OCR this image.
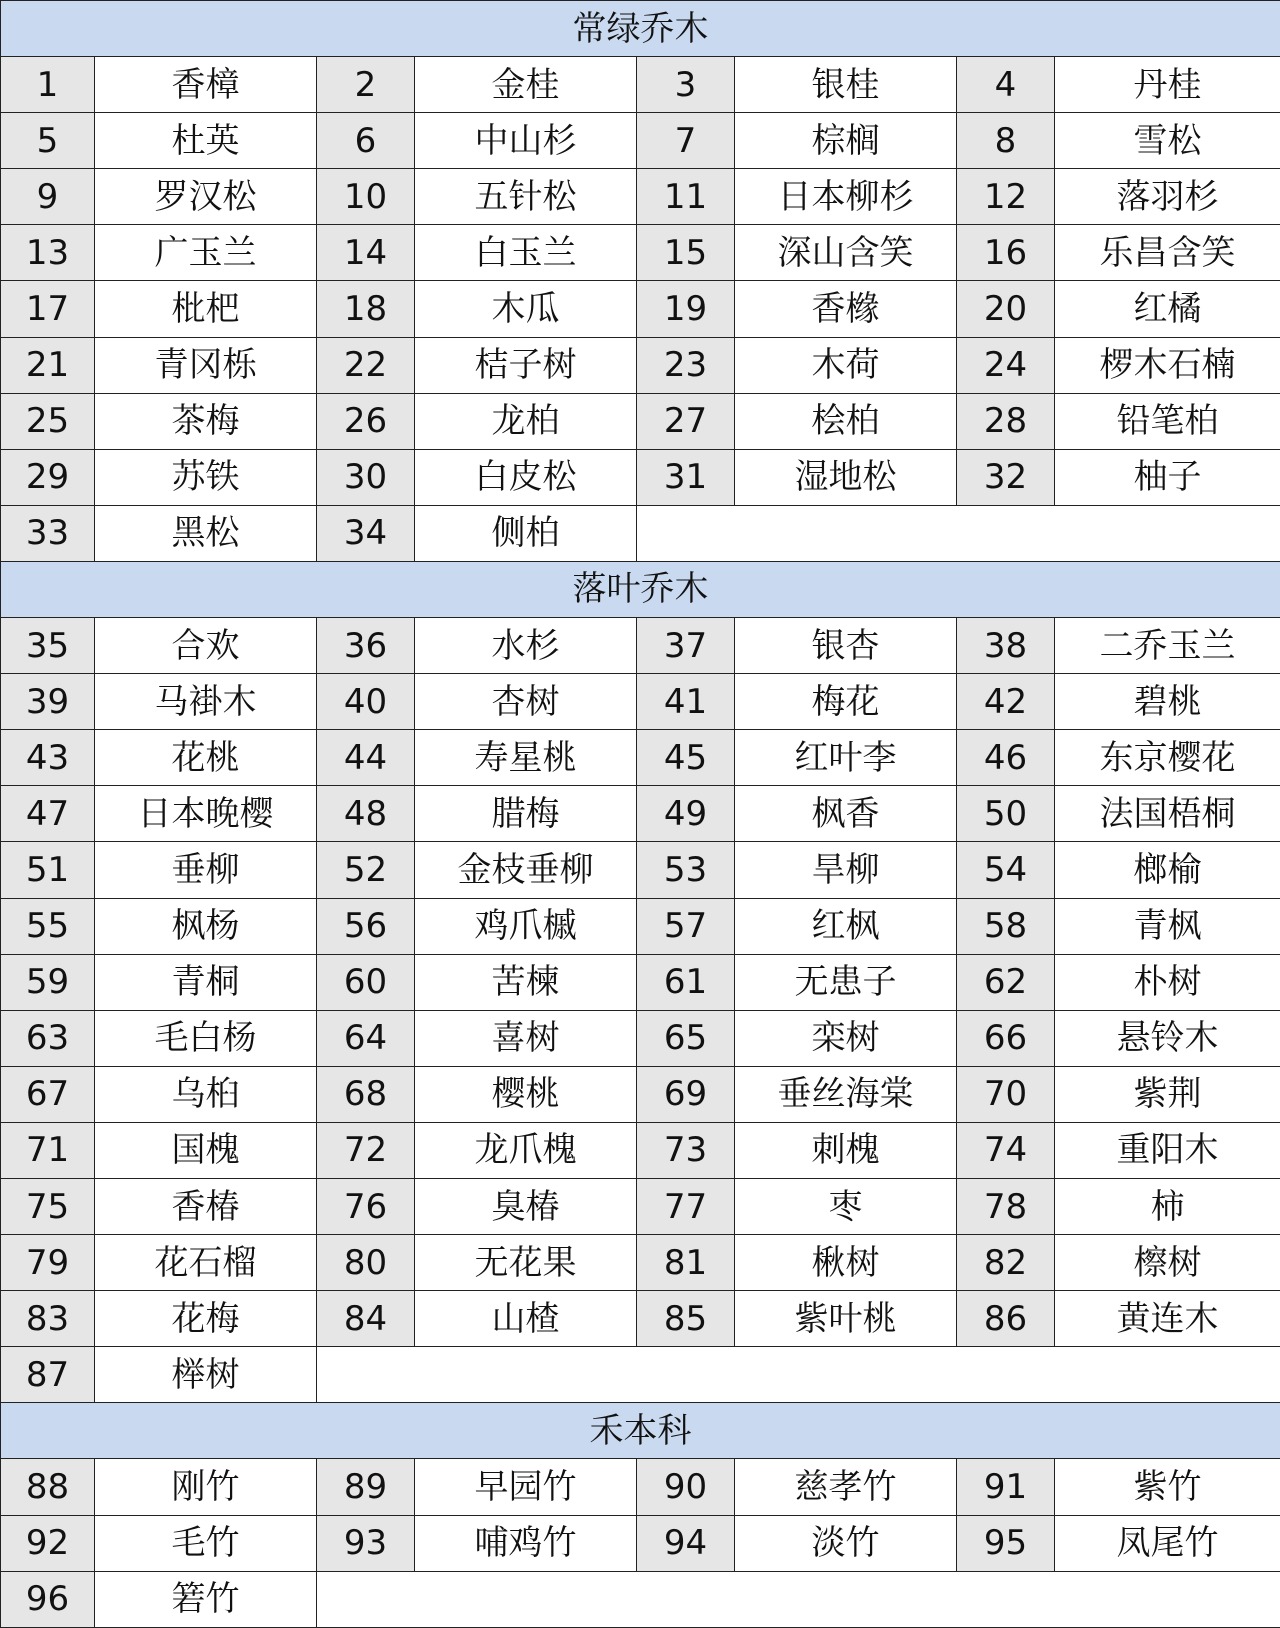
常绿乔木							
1	香樟	2	金桂	3	银桂	4	丹桂
5	杜英	6	中山杉	7	棕榈	8	雪松
9	罗汉松	10	五针松	11	日本柳杉	12	落羽杉
13	广玉兰	14	白玉兰	15	深山含笑	16	乐昌含笑
17	枇杷	18	木瓜	19	香橼	20	红橘
21	青冈栎	22	桔子树	23	木荷	24	椤木石楠
25	茶梅	26	龙柏	27	桧柏	28	铅笔柏
29	苏铁	30	白皮松	31	湿地松	32	柚子
33	黑松	34	侧柏				
落叶乔木							
35	合欢	36	水杉	37	银杏	38	二乔玉兰
39	马褂木	40	杏树	41	梅花	42	碧桃
43	花桃	44	寿星桃	45	红叶李	46	东京樱花
47	日本晚樱	48	腊梅	49	枫香	50	法国梧桐
51	垂柳	52	金枝垂柳	53	旱柳	54	榔榆
55	枫杨	56	鸡爪槭	57	红枫	58	青枫
59	青桐	60	苦楝	61	无患子	62	朴树
63	毛白杨	64	喜树	65	栾树	66	悬铃木
67	乌桕	68	樱桃	69	垂丝海棠	70	紫荆
71	国槐	72	龙爪槐	73	刺槐	74	重阳木
75	香椿	76	臭椿	77	枣	78	柿
79	花石榴	80	无花果	81	楸树	82	檫树
83	花梅	84	山楂	85	紫叶桃	86	黄连木
87	榉树						
禾本科							
88	刚竹	89	早园竹	90	慈孝竹	91	紫竹
92	毛竹	93	哺鸡竹	94	淡竹	95	凤尾竹
96	箬竹						
